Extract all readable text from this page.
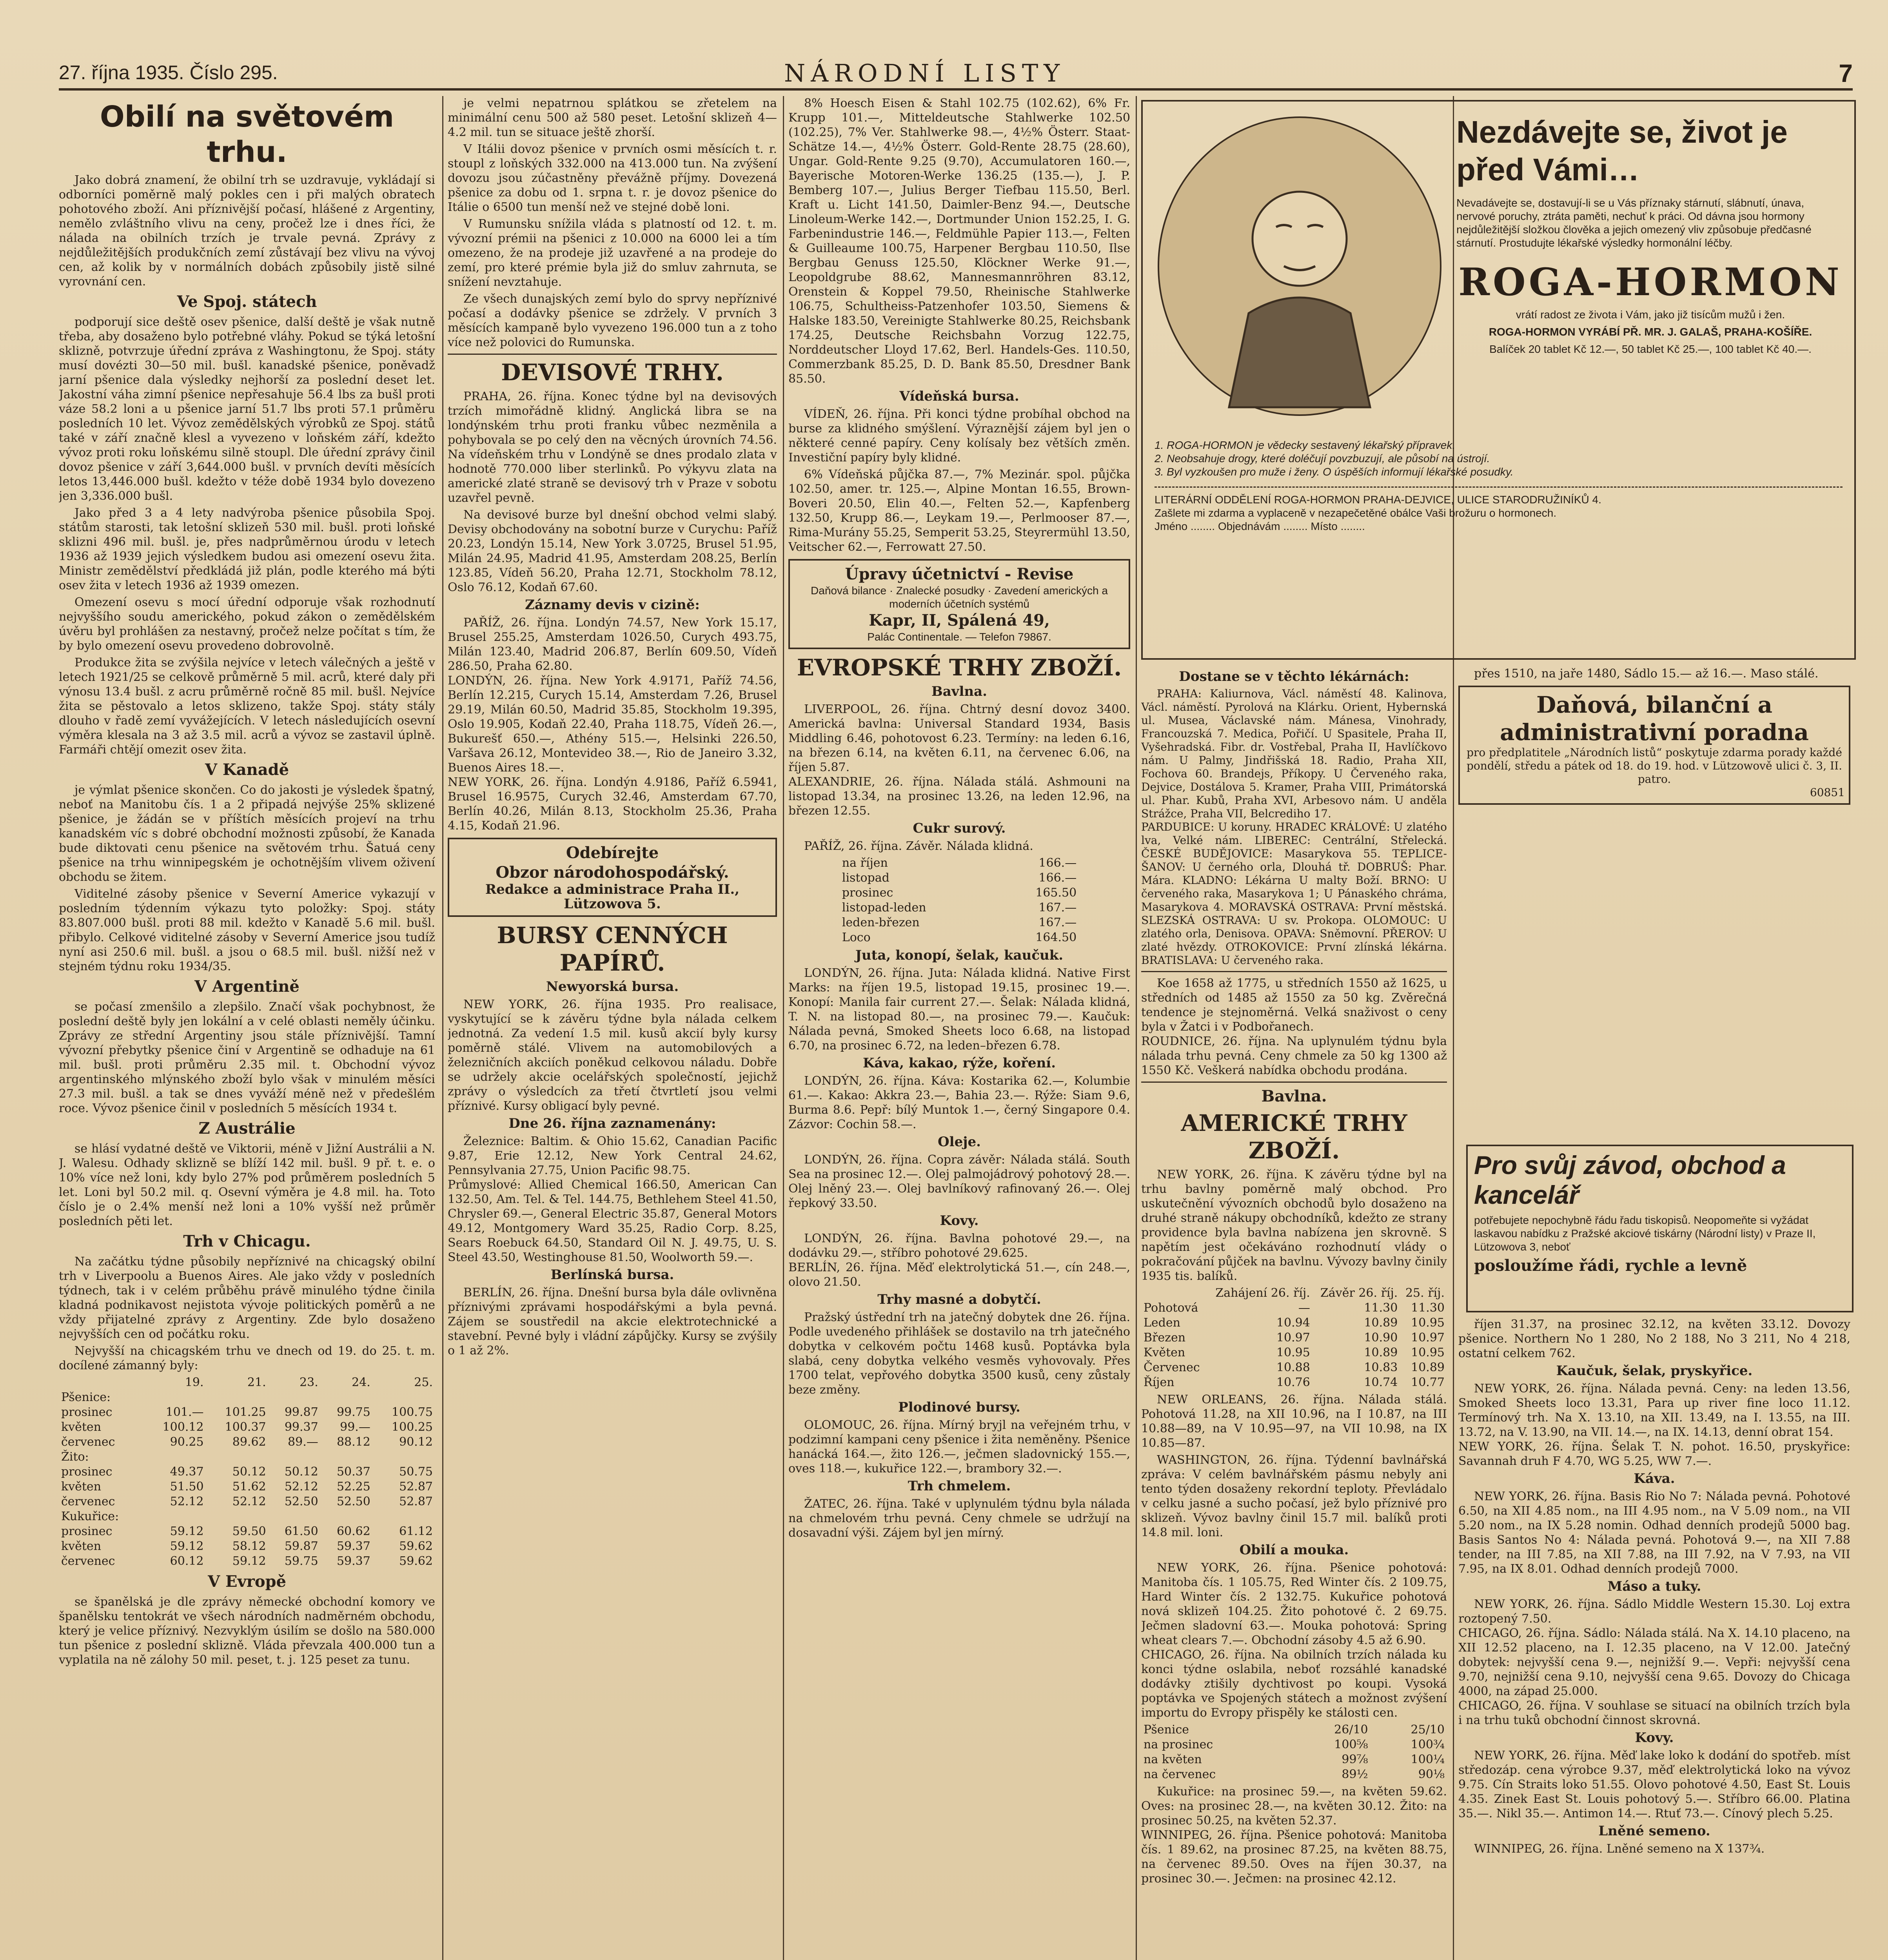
27. října 1935. Číslo 295.	NÁRODNÍ LISTY	7
Obilí na světovém trhu.

Jako dobrá znamení, že obilní trh se uzdravuje, vykládají si odborníci poměrně malý pokles cen i při malých obratech pohotového zboží. Ani příznivější počasí, hlášené z Argentiny, nemělo zvláštního vlivu na ceny, pročež lze i dnes říci, že nálada na obilních trzích je trvale pevná. Zprávy z nejdůležitějších produkčních zemí zůstávají bez vlivu na vývoj cen, až kolik by v normálních dobách způsobily jistě silné vyrovnání cen.

Ve Spoj. státech

podporují sice deště osev pšenice, další deště je však nutně třeba, aby dosaženo bylo potřebné vláhy. Pokud se týká letošní sklizně, potvrzuje úřední zpráva z Washingtonu, že Spoj. státy musí dovézti 30—50 mil. bušl. kanadské pšenice, poněvadž jarní pšenice dala výsledky nejhorší za poslední deset let. Jakostní váha zimní pšenice nepřesahuje 56.4 lbs za bušl proti váze 58.2 loni a u pšenice jarní 51.7 lbs proti 57.1 průměru posledních 10 let. Vývoz zemědělských výrobků ze Spoj. států také v září značně klesl a vyvezeno v loňském září, kdežto vývoz proti roku loňskému silně stoupl. Dle úřední zprávy činil dovoz pšenice v září 3,644.000 bušl. v prvních devíti měsících letos 13,446.000 bušl. kdežto v téže době 1934 bylo dovezeno jen 3,336.000 bušl.

Jako před 3 a 4 lety nadvýroba pšenice působila Spoj. státům starosti, tak letošní sklizeň 530 mil. bušl. proti loňské sklizni 496 mil. bušl. je, přes nadprůměrnou úrodu v letech 1936 až 1939 jejich výsledkem budou asi omezení osevu žita. Ministr zemědělství předkládá již plán, podle kterého má býti osev žita v letech 1936 až 1939 omezen.

Omezení osevu s mocí úřední odporuje však rozhodnutí nejvyššího soudu amerického, pokud zákon o zemědělském úvěru byl prohlášen za nestavný, pročež nelze počítat s tím, že by bylo omezení osevu provedeno dobrovolně.

Produkce žita se zvýšila nejvíce v letech válečných a ještě v letech 1921/25 se celkově průměrně 5 mil. acrů, které daly při výnosu 13.4 bušl. z acru průměrně ročně 85 mil. bušl. Nejvíce žita se pěstovalo a letos sklizeno, takže Spoj. státy stály dlouho v řadě zemí vyvážejících. V letech následujících osevní výměra klesala na 3 až 3.5 mil. acrů a vývoz se zastavil úplně. Farmáři chtějí omezit osev žita.

V Kanadě

je výmlat pšenice skončen. Co do jakosti je výsledek špatný, neboť na Manitobu čís. 1 a 2 připadá nejvýše 25% sklizené pšenice, je žádán se v příštích měsících projeví na trhu kanadském víc s dobré obchodní možnosti způsobí, že Kanada bude diktovati cenu pšenice na světovém trhu. Šatuá ceny pšenice na trhu winnipegském je ochotnějším vlivem oživení obchodu se žitem.

Viditelné zásoby pšenice v Severní Americe vykazují v posledním týdenním výkazu tyto položky: Spoj. státy 83.807.000 bušl. proti 88 mil. kdežto v Kanadě 5.6 mil. bušl. přibylo. Celkové viditelné zásoby v Severní Americe jsou tudíž nyní asi 250.6 mil. bušl. a jsou o 68.5 mil. bušl. nižší než v stejném týdnu roku 1934/35.

V Argentině

se počasí zmenšilo a zlepšilo. Značí však pochybnost, že poslední deště byly jen lokální a v celé oblasti neměly účinku. Zprávy ze střední Argentiny jsou stále příznivější. Tamní vývozní přebytky pšenice činí v Argentině se odhaduje na 61 mil. bušl. proti průměru 2.35 mil. t. Obchodní vývoz argentinského mlýnského zboží bylo však v minulém měsíci 27.3 mil. bušl. a tak se dnes vyváží méně než v předešlém roce. Vývoz pšenice činil v posledních 5 měsících 1934 t.

Z Austrálie

se hlásí vydatné deště ve Viktorii, méně v Jižní Austrálii a N. J. Walesu. Odhady sklizně se blíží 142 mil. bušl. 9 př. t. e. o 10% více než loni, kdy bylo 27% pod průměrem posledních 5 let. Loni byl 50.2 mil. q. Osevní výměra je 4.8 mil. ha. Toto číslo je o 2.4% menší než loni a 10% vyšší než průměr posledních pěti let.

Trh v Chicagu.

Na začátku týdne působily nepříznivé na chicagský obilní trh v Liverpoolu a Buenos Aires. Ale jako vždy v posledních týdnech, tak i v celém průběhu právě minulého týdne činila kladná podnikavost nejistota vývoje politických poměrů a ne vždy přijatelné zprávy z Argentiny. Zde bylo dosaženo nejvyšších cen od počátku roku.

Nejvyšší na chicagském trhu ve dnech od 19. do 25. t. m. docílené zámanný byly:

	19.	21.	23.	24.	25.
Pšenice:					
prosinec	101.—	101.25	99.87	99.75	100.75
květen	100.12	100.37	99.37	99.—	100.25
červenec	90.25	89.62	89.—	88.12	90.12
Žito:					
prosinec	49.37	50.12	50.12	50.37	50.75
květen	51.50	51.62	52.12	52.25	52.87
červenec	52.12	52.12	52.50	52.50	52.87
Kukuřice:					
prosinec	59.12	59.50	61.50	60.62	61.12
květen	59.12	58.12	59.87	59.37	59.62
červenec	60.12	59.12	59.75	59.37	59.62
V Evropě

se španělská je dle zprávy německé obchodní komory ve španělsku tentokrát ve všech národních nadměrném obchodu, který je velice příznivý. Nezvyklým úsilím se došlo na 580.000 tun pšenice z poslední sklizně. Vláda převzala 400.000 tun a vyplatila na ně zálohy 50 mil. peset, t. j. 125 peset za tunu.

je velmi nepatrnou splátkou se zřetelem na minimální cenu 500 až 580 peset. Letošní sklizeň 4—4.2 mil. tun se situace ještě zhorší.

V Itálii dovoz pšenice v prvních osmi měsících t. r. stoupl z loňských 332.000 na 413.000 tun. Na zvýšení dovozu jsou zúčastněny převážně příjmy. Dovezená pšenice za dobu od 1. srpna t. r. je dovoz pšenice do Itálie o 6500 tun menší než ve stejné době loni.

V Rumunsku snížila vláda s platností od 12. t. m. vývozní prémii na pšenici z 10.000 na 6000 lei a tím omezeno, že na prodeje již uzavřené a na prodeje do zemí, pro které prémie byla již do smluv zahrnuta, se snížení nevztahuje.

Ze všech dunajských zemí bylo do sprvy nepříznivé počasí a dodávky pšenice se zdržely. V prvních 3 měsících kampaně bylo vyvezeno 196.000 tun a z toho více než polovici do Rumunska.

DEVISOVÉ TRHY.

PRAHA, 26. října. Konec týdne byl na devisových trzích mimořádně klidný. Anglická libra se na londýnském trhu proti franku vůbec nezměnila a pohybovala se po celý den na věcných úrovních 74.56. Na vídeňském trhu v Londýně se dnes prodalo zlata v hodnotě 770.000 liber sterlinků. Po výkyvu zlata na americké zlaté straně se devisový trh v Praze v sobotu uzavřel pevně.

Na devisové burze byl dnešní obchod velmi slabý. Devisy obchodovány na sobotní burze v Curychu: Paříž 20.23, Londýn 15.14, New York 3.0725, Brusel 51.95, Milán 24.95, Madrid 41.95, Amsterdam 208.25, Berlín 123.85, Vídeň 56.20, Praha 12.71, Stockholm 78.12, Oslo 76.12, Kodaň 67.60.

Záznamy devis v cizině:

PAŘÍŽ, 26. října. Londýn 74.57, New York 15.17, Brusel 255.25, Amsterdam 1026.50, Curych 493.75, Milán 123.40, Madrid 206.87, Berlín 609.50, Vídeň 286.50, Praha 62.80.
LONDÝN, 26. října. New York 4.9171, Paříž 74.56, Berlín 12.215, Curych 15.14, Amsterdam 7.26, Brusel 29.19, Milán 60.50, Madrid 35.85, Stockholm 19.395, Oslo 19.905, Kodaň 22.40, Praha 118.75, Vídeň 26.—, Bukurešť 650.—, Athény 515.—, Helsinki 226.50, Varšava 26.12, Montevideo 38.—, Rio de Janeiro 3.32, Buenos Aires 18.—.
NEW YORK, 26. října. Londýn 4.9186, Paříž 6.5941, Brusel 16.9575, Curych 32.46, Amsterdam 67.70, Berlín 40.26, Milán 8.13, Stockholm 25.36, Praha 4.15, Kodaň 21.96.

Odebírejte
Obzor národohospodářský.
Redakce a administrace Praha II., Lützowova 5.
BURSY CENNÝCH PAPÍRŮ.
Newyorská bursa.

NEW YORK, 26. října 1935. Pro realisace, vyskytující se k závěru týdne byla nálada celkem jednotná. Za vedení 1.5 mil. kusů akcií byly kursy poměrně stálé. Vlivem na automobilových a železničních akciích poněkud celkovou náladu. Dobře se udržely akcie ocelářských společností, jejichž zprávy o výsledcích za třetí čtvrtletí jsou velmi příznivé. Kursy obligací byly pevné.

Dne 26. října zaznamenány:

Železnice: Baltim. & Ohio 15.62, Canadian Pacific 9.87, Erie 12.12, New York Central 24.62, Pennsylvania 27.75, Union Pacific 98.75.
Průmyslové: Allied Chemical 166.50, American Can 132.50, Am. Tel. & Tel. 144.75, Bethlehem Steel 41.50, Chrysler 69.—, General Electric 35.87, General Motors 49.12, Montgomery Ward 35.25, Radio Corp. 8.25, Sears Roebuck 64.50, Standard Oil N. J. 49.75, U. S. Steel 43.50, Westinghouse 81.50, Woolworth 59.—.

Berlínská bursa.

BERLÍN, 26. října. Dnešní bursa byla dále ovlivněna příznivými zprávami hospodářskými a byla pevná. Zájem se soustředil na akcie elektrotechnické a stavební. Pevné byly i vládní zápůjčky. Kursy se zvýšily o 1 až 2%.

8% Hoesch Eisen & Stahl 102.75 (102.62), 6% Fr. Krupp 101.—, Mitteldeutsche Stahlwerke 102.50 (102.25), 7% Ver. Stahlwerke 98.—, 4½% Österr. Staat-Schätze 14.—, 4½% Österr. Gold-Rente 28.75 (28.60), Ungar. Gold-Rente 9.25 (9.70), Accumulatoren 160.—, Bayerische Motoren-Werke 136.25 (135.—), J. P. Bemberg 107.—, Julius Berger Tiefbau 115.50, Berl. Kraft u. Licht 141.50, Daimler-Benz 94.—, Deutsche Linoleum-Werke 142.—, Dortmunder Union 152.25, I. G. Farbenindustrie 146.—, Feldmühle Papier 113.—, Felten & Guilleaume 100.75, Harpener Bergbau 110.50, Ilse Bergbau Genuss 125.50, Klöckner Werke 91.—, Leopoldgrube 88.62, Mannesmannröhren 83.12, Orenstein & Koppel 79.50, Rheinische Stahlwerke 106.75, Schultheiss-Patzenhofer 103.50, Siemens & Halske 183.50, Vereinigte Stahlwerke 80.25, Reichsbank 174.25, Deutsche Reichsbahn Vorzug 122.75, Norddeutscher Lloyd 17.62, Berl. Handels-Ges. 110.50, Commerzbank 85.25, D. D. Bank 85.50, Dresdner Bank 85.50.

Vídeňská bursa.

VÍDEŇ, 26. října. Při konci týdne probíhal obchod na burse za klidného smýšlení. Výraznější zájem byl jen o některé cenné papíry. Ceny kolísaly bez větších změn. Investiční papíry byly klidné.

6% Vídeňská půjčka 87.—, 7% Mezinár. spol. půjčka 102.50, amer. tr. 125.—, Alpine Montan 16.55, Brown-Boveri 20.50, Elin 40.—, Felten 52.—, Kapfenberg 132.50, Krupp 86.—, Leykam 19.—, Perlmooser 87.—, Rima-Murány 55.25, Semperit 53.25, Steyrermühl 13.50, Veitscher 62.—, Ferrowatt 27.50.

Úpravy účetnictví - Revise
Daňová bilance · Znalecké posudky · Zavedení amerických a moderních účetních systémů
Kapr, II, Spálená 49,
Palác Continentale. — Telefon 79867.
EVROPSKÉ TRHY ZBOŽÍ.
Bavlna.

LIVERPOOL, 26. října. Chtrný desní dovoz 3400. Americká bavlna: Universal Standard 1934, Basis Middling 6.46, pohotovost 6.23. Termíny: na leden 6.16, na březen 6.14, na květen 6.11, na červenec 6.06, na říjen 5.87.
ALEXANDRIE, 26. října. Nálada stálá. Ashmouni na listopad 13.34, na prosinec 13.26, na leden 12.96, na březen 12.55.

Cukr surový.

PAŘÍŽ, 26. října. Závěr. Nálada klidná.

na říjen	166.—
listopad	166.—
prosinec	165.50
listopad-leden	167.—
leden-březen	167.—
Loco	164.50
Juta, konopí, šelak, kaučuk.

LONDÝN, 26. října. Juta: Nálada klidná. Native First Marks: na říjen 19.5, listopad 19.15, prosinec 19.—. Konopí: Manila fair current 27.—. Šelak: Nálada klidná, T. N. na listopad 80.—, na prosinec 79.—. Kaučuk: Nálada pevná, Smoked Sheets loco 6.68, na listopad 6.70, na prosinec 6.72, na leden–březen 6.78.

Káva, kakao, rýže, koření.

LONDÝN, 26. října. Káva: Kostarika 62.—, Kolumbie 61.—. Kakao: Akkra 23.—, Bahia 23.—. Rýže: Siam 9.6, Burma 8.6. Pepř: bílý Muntok 1.—, černý Singapore 0.4. Zázvor: Cochin 58.—.

Oleje.

LONDÝN, 26. října. Copra závěr: Nálada stálá. South Sea na prosinec 12.—. Olej palmojádrový pohotový 28.—. Olej lněný 23.—. Olej bavlníkový rafinovaný 26.—. Olej řepkový 33.50.

Kovy.

LONDÝN, 26. října. Bavlna pohotové 29.—, na dodávku 29.—, stříbro pohotové 29.625.
BERLÍN, 26. října. Měď elektrolytická 51.—, cín 248.—, olovo 21.50.

Trhy masné a dobytčí.

Pražský ústřední trh na jatečný dobytek dne 26. října. Podle uvedeného přihlášek se dostavilo na trh jatečného dobytka v celkovém počtu 1468 kusů. Poptávka byla slabá, ceny dobytka velkého vesměs vyhovovaly. Přes 1700 telat, vepřového dobytka 3500 kusů, ceny zůstaly beze změny.

Plodinové bursy.

OLOMOUC, 26. října. Mírný bryjl na veřejném trhu, v podzimní kampani ceny pšenice i žita neměněny. Pšenice hanácká 164.—, žito 126.—, ječmen sladovnický 155.—, oves 118.—, kukuřice 122.—, brambory 32.—.

Trh chmelem.

ŽATEC, 26. října. Také v uplynulém týdnu byla nálada na chmelovém trhu pevná. Ceny chmele se udržují na dosavadní výši. Zájem byl jen mírný.

Nezdávejte se, život je před Vámi…
Nevadávejte se, dostavují-li se u Vás příznaky stárnutí, slábnutí, únava, nervové poruchy, ztráta paměti, nechuť k práci. Od dávna jsou hormony nejdůležitější složkou člověka a jejich omezený vliv způsobuje předčasné stárnutí. Prostudujte lékařské výsledky hormonální léčby.
ROGA-HORMON
vrátí radost ze života i Vám, jako již tisícům mužů i žen.
ROGA-HORMON VYRÁBÍ PŘ. MR. J. GALAŠ, PRAHA-KOŠÍŘE.
Balíček 20 tablet Kč 12.—, 50 tablet Kč 25.—, 100 tablet Kč 40.—.
1. ROGA-HORMON je vědecky sestavený lékařský přípravek.
2. Neobsahuje drogy, které doléčují povzbuzují, ale působí na ústrojí.
3. Byl vyzkoušen pro muže i ženy. O úspěších informují lékařské posudky.
LITERÁRNÍ ODDĚLENÍ ROGA-HORMON PRAHA-DEJVICE, ULICE STARODRUŽINÍKŮ 4.
Zašlete mi zdarma a vyplaceně v nezapečetěné obálce Vaši brožuru o hormonech.
Jméno ........ Objednávám ........ Místo ........
Dostane se v těchto lékárnách:

PRAHA: Kaliurnova, Václ. náměstí 48. Kalinova, Václ. náměstí. Pyrolová na Klárku. Orient, Hybernská ul. Musea, Václavské nám. Mánesa, Vinohrady, Francouzská 7. Medica, Pořičí. U Spasitele, Praha II, Vyšehradská. Fibr. dr. Vostřebal, Praha II, Havlíčkovo nám. U Palmy, Jindřišská 18. Radio, Praha XII, Fochova 60. Brandejs, Příkopy. U Červeného raka, Dejvice, Dostálova 5. Kramer, Praha VIII, Primátorská ul. Phar. Kubů, Praha XVI, Arbesovo nám. U anděla Strážce, Praha VII, Belcrediho 17.
PARDUBICE: U koruny. HRADEC KRÁLOVÉ: U zlatého lva, Velké nám. LIBEREC: Centrální, Střelecká. ČESKÉ BUDĚJOVICE: Masarykova 55. TEPLICE-ŠANOV: U černého orla, Dlouhá tř. DOBRUŠ: Phar. Mára. KLADNO: Lékárna U malty Boží. BRNO: U červeného raka, Masarykova 1; U Pánaského chráma, Masarykova 4. MORAVSKÁ OSTRAVA: První městská. SLEZSKÁ OSTRAVA: U sv. Prokopa. OLOMOUC: U zlatého orla, Denisova. OPAVA: Sněmovní. PŘEROV: U zlaté hvězdy. OTROKOVICE: První zlínská lékárna. BRATISLAVA: U červeného raka.

Koe 1658 až 1775, u středních 1550 až 1625, u středních od 1485 až 1550 za 50 kg. Zvěrečná tendence je stejnoměrná. Velká snaživost o ceny byla v Žatci i v Podbořanech.
ROUDNICE, 26. října. Na uplynulém týdnu byla nálada trhu pevná. Ceny chmele za 50 kg 1300 až 1550 Kč. Veškerá nabídka obchodu prodána.

Bavlna.
AMERICKÉ TRHY ZBOŽÍ.

NEW YORK, 26. října. K závěru týdne byl na trhu bavlny poměrně malý obchod. Pro uskutečnění vývozních obchodů bylo dosaženo na druhé straně nákupy obchodníků, kdežto ze strany providence byla bavlna nabízena jen skrovně. S napětím jest očekáváno rozhodnutí vlády o pokračování půjček na bavlnu. Vývozy bavlny činily 1935 tis. balíků.

	Zahájení 26. říj.	Závěr 26. říj.	25. říj.
Pohotová	—	11.30	11.30
Leden	10.94	10.89	10.95
Březen	10.97	10.90	10.97
Květen	10.95	10.89	10.95
Červenec	10.88	10.83	10.89
Říjen	10.76	10.74	10.77

NEW ORLEANS, 26. října. Nálada stálá. Pohotová 11.28, na XII 10.96, na I 10.87, na III 10.88—89, na V 10.95—97, na VII 10.98, na IX 10.85—87.

WASHINGTON, 26. října. Týdenní bavlnářská zpráva: V celém bavlnářském pásmu nebyly ani tento týden dosaženy rekordní teploty. Převládalo v celku jasné a sucho počasí, jež bylo příznivé pro sklizeň. Vývoz bavlny činil 15.7 mil. balíků proti 14.8 mil. loni.

Obilí a mouka.

NEW YORK, 26. října. Pšenice pohotová: Manitoba čís. 1 105.75, Red Winter čís. 2 109.75, Hard Winter čís. 2 132.75. Kukuřice pohotová nová sklizeň 104.25. Žito pohotové č. 2 69.75. Ječmen sladovní 63.—. Mouka pohotová: Spring wheat clears 7.—. Obchodní zásoby 4.5 až 6.90.
CHICAGO, 26. října. Na obilních trzích nálada ku konci týdne oslabila, neboť rozsáhlé kanadské dodávky ztišily dychtivost po koupi. Vysoká poptávka ve Spojených státech a možnost zvýšení importu do Evropy přispěly ke stálosti cen.

Pšenice	26/10	25/10
na prosinec	100⅝	100¾
na květen	99⅞	100¼
na červenec	89½	90⅛

Kukuřice: na prosinec 59.—, na květen 59.62. Oves: na prosinec 28.—, na květen 30.12. Žito: na prosinec 50.25, na květen 52.37.
WINNIPEG, 26. října. Pšenice pohotová: Manitoba čís. 1 89.62, na prosinec 87.25, na květen 88.75, na červenec 89.50. Oves na říjen 30.37, na prosinec 30.—. Ječmen: na prosinec 42.12.

Pro svůj závod, obchod a kancelář
potřebujete nepochybně řádu řadu tiskopisů. Neopomeňte si vyžádat laskavou nabídku z Pražské akciové tiskárny (Národní listy) v Praze II, Lützowova 3, neboť
posloužíme řádi, rychle a levně

přes 1510, na jaře 1480, Sádlo 15.— až 16.—. Maso stálé.

Daňová, bilanční a administrativní poradna
pro předplatitele „Národních listů“ poskytuje zdarma porady každé pondělí, středu a pátek od 18. do 19. hod. v Lützowově ulici č. 3, II. patro.
60851

říjen 31.37, na prosinec 32.12, na květen 33.12. Dovozy pšenice. Northern No 1 280, No 2 188, No 3 211, No 4 218, ostatní celkem 762.

Kaučuk, šelak, pryskyřice.

NEW YORK, 26. října. Nálada pevná. Ceny: na leden 13.56, Smoked Sheets loco 13.31, Para up river fine loco 11.12. Termínový trh. Na X. 13.10, na XII. 13.49, na I. 13.55, na III. 13.72, na V. 13.90, na VII. 14.—, na IX. 14.13, denní obrat 154.
NEW YORK, 26. října. Šelak T. N. pohot. 16.50, pryskyřice: Savannah druh F 4.70, WG 5.25, WW 7.—.

Káva.

NEW YORK, 26. října. Basis Rio No 7: Nálada pevná. Pohotové 6.50, na XII 4.85 nom., na III 4.95 nom., na V 5.09 nom., na VII 5.20 nom., na IX 5.28 nomin. Odhad denních prodejů 5000 bag. Basis Santos No 4: Nálada pevná. Pohotová 9.—, na XII 7.88 tender, na III 7.85, na XII 7.88, na III 7.92, na V 7.93, na VII 7.95, na IX 8.01. Odhad denních prodejů 7000.

Máso a tuky.

NEW YORK, 26. října. Sádlo Middle Western 15.30. Loj extra roztopený 7.50.
CHICAGO, 26. října. Sádlo: Nálada stálá. Na X. 14.10 placeno, na XII 12.52 placeno, na I. 12.35 placeno, na V 12.00. Jatečný dobytek: nejvyšší cena 9.—, nejnižší 9.—. Vepři: nejvyšší cena 9.70, nejnižší cena 9.10, nejvyšší cena 9.65. Dovozy do Chicaga 4000, na západ 25.000.
CHICAGO, 26. října. V souhlase se situací na obilních trzích byla i na trhu tuků obchodní činnost skrovná.

Kovy.

NEW YORK, 26. října. Měď lake loko k dodání do spotřeb. míst středozáp. cena výrobce 9.37, měď elektrolytická loko na vývoz 9.75. Cín Straits loko 51.55. Olovo pohotové 4.50, East St. Louis 4.35. Zinek East St. Louis pohotový 5.—. Stříbro 66.00. Platina 35.—. Nikl 35.—. Antimon 14.—. Rtuť 73.—. Cínový plech 5.25.

Lněné semeno.

WINNIPEG, 26. října. Lněné semeno na X 137¾.
